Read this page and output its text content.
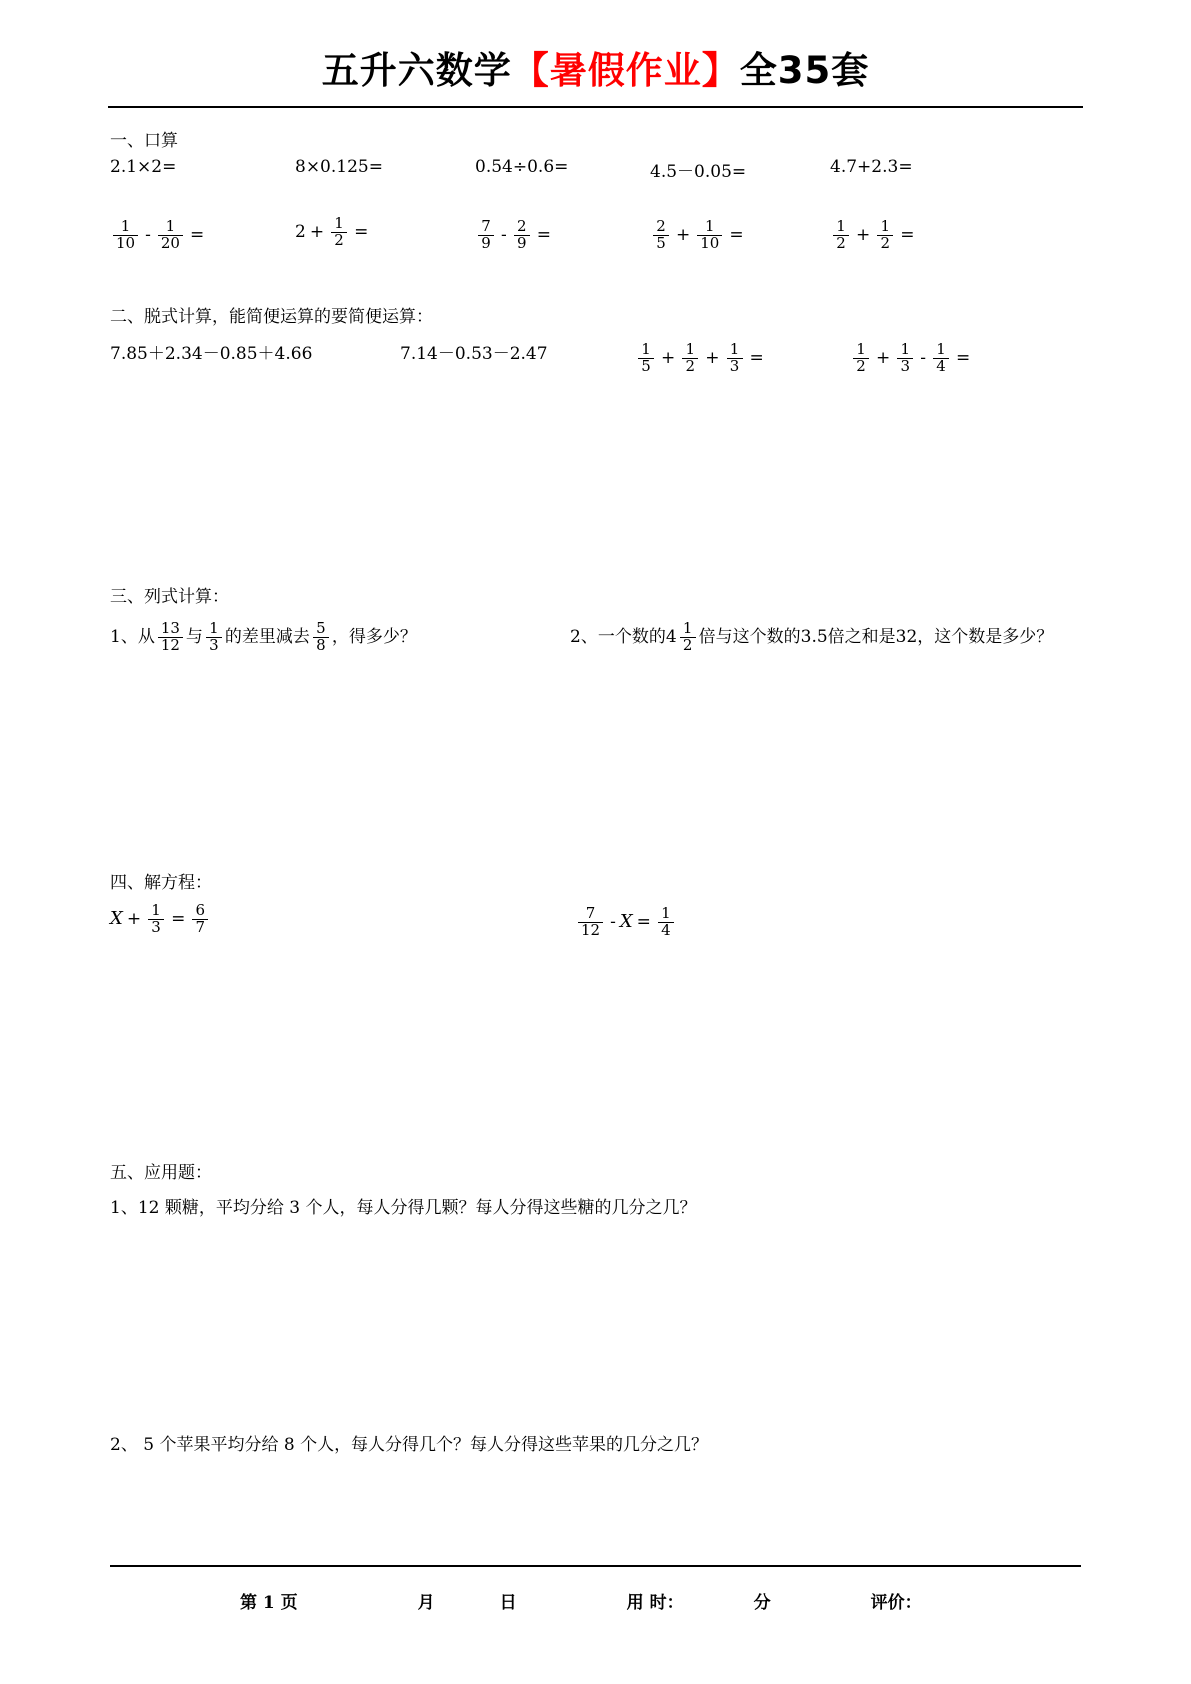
五升六数学【暑假作业】全35套
一、口算
2.1×2=	8×0.125=	0.54÷0.6=	4.5－0.05=	4.7+2.3=
$\frac{1}{10} - \frac{1}{20}$ =	$2 + \frac{1}{2}$ =	$\frac{7}{9} - \frac{2}{9}$ =	$\frac{2}{5} + \frac{1}{10}$ =	$\frac{1}{2} + \frac{1}{2}$ =
二、脱式计算，能简便运算的要简便运算：
7.85＋2.34－0.85＋4.66	7.14－0.53－2.47	$\frac{1}{5} + \frac{1}{2} + \frac{1}{3}$ =	$\frac{1}{2} + \frac{1}{3} - \frac{1}{4}$ =
三、列式计算：
1、从 $\frac{13}{12}$ 与 $\frac{1}{3}$ 的差里减去 $\frac{5}{8}$ ，得多少？	2、一个数的$4 \frac{1}{2}$ 倍与这个数的3.5倍之和是32，这个数是多少？
四、解方程：
$X + \frac{1}{3} = \frac{6}{7}$	$\frac{7}{12} - X = \frac{1}{4}$
五、应用题：
1、12 颗糖，平均分给 3 个人，每人分得几颗？每人分得这些糖的几分之几？
2、 5 个苹果平均分给 8 个人，每人分得几个？每人分得这些苹果的几分之几？
第 1 页	月	日	用 时：	分	评价：
